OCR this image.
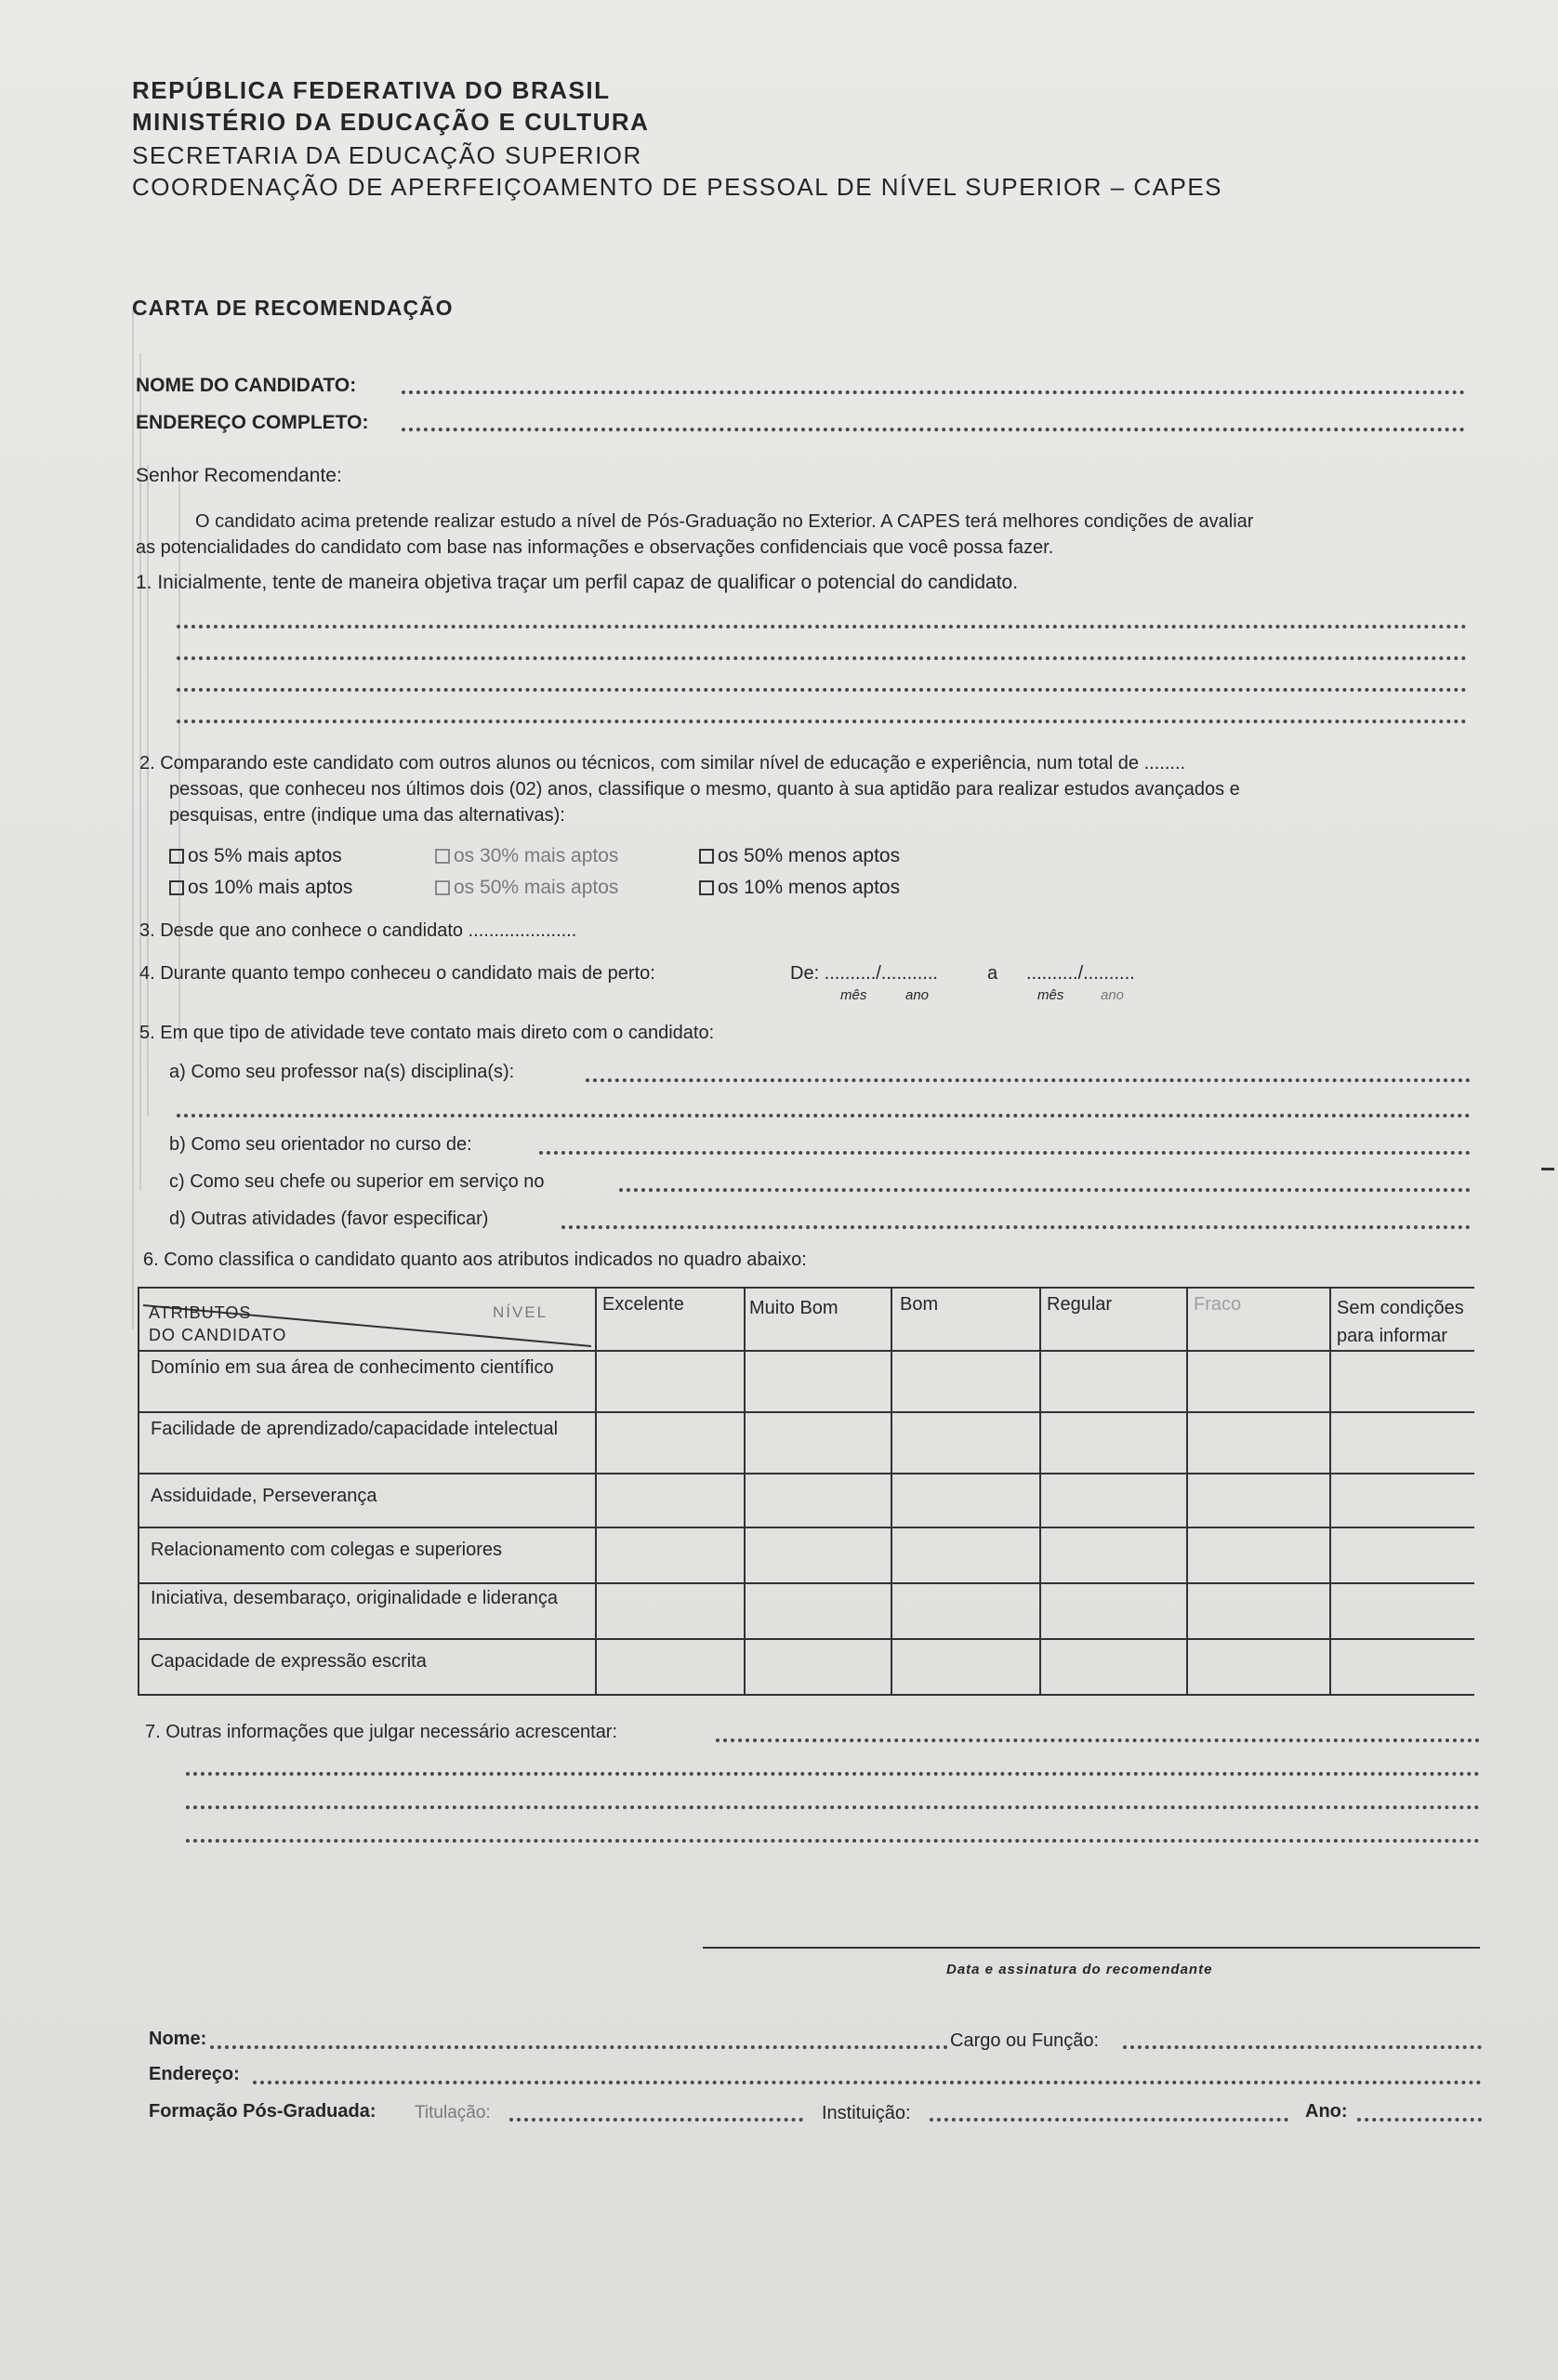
REPÚBLICA FEDERATIVA DO BRASIL
MINISTÉRIO DA EDUCAÇÃO E CULTURA
SECRETARIA DA EDUCAÇÃO SUPERIOR
COORDENAÇÃO DE APERFEIÇOAMENTO DE PESSOAL DE NÍVEL SUPERIOR – CAPES
CARTA DE RECOMENDAÇÃO
NOME DO CANDIDATO:
ENDEREÇO COMPLETO:
Senhor Recomendante:
O candidato acima pretende realizar estudo a nível de Pós-Graduação no Exterior. A CAPES terá melhores condições de avaliar
as potencialidades do candidato com base nas informações e observações confidenciais que você possa fazer.
1. Inicialmente, tente de maneira objetiva traçar um perfil capaz de qualificar o potencial do candidato.
2. Comparando este candidato com outros alunos ou técnicos, com similar nível de educação e experiência, num total de ........
pessoas, que conheceu nos últimos dois (02) anos, classifique o mesmo, quanto à sua aptidão para realizar estudos avançados e
pesquisas, entre (indique uma das alternativas):
os 5% mais aptos	os 30% mais aptos	os 50% menos aptos
os 10% mais aptos	os 50% mais aptos	os 10% menos aptos
3. Desde que ano conhece o candidato .....................
4. Durante quanto tempo conheceu o candidato mais de perto:	De: ........../...........	a ........../..........
mês	ano	mês	ano
5. Em que tipo de atividade teve contato mais direto com o candidato:
a) Como seu professor na(s) disciplina(s):
b) Como seu orientador no curso de:
c) Como seu chefe ou superior em serviço no
d) Outras atividades (favor especificar)
6. Como classifica o candidato quanto aos atributos indicados no quadro abaixo:
ATRIBUTOS
DO CANDIDATO
NÍVEL	Excelente	Muito Bom	Bom	Regular	Fraco	Sem condições para informar
Domínio em sua área de conhecimento científico
Facilidade de aprendizado/capacidade intelectual
Assiduidade, Perseverança
Relacionamento com colegas e superiores
Iniciativa, desembaraço, originalidade e liderança
Capacidade de expressão escrita
7. Outras informações que julgar necessário acrescentar:
Data e assinatura do recomendante
Nome:	Cargo ou Função:
Endereço:
Formação Pós-Graduada: Titulação:	Instituição:	Ano:
